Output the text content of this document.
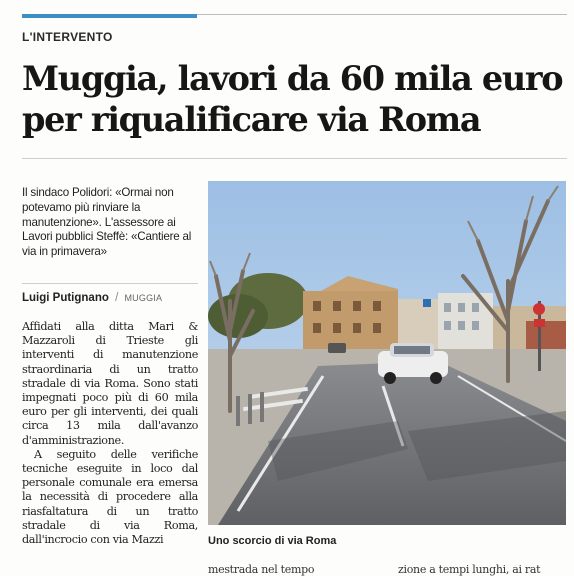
L'INTERVENTO
Muggia, lavori da 60 mila euro
per riqualificare via Roma
Il sindaco Polidori: «Ormai non potevamo più rinviare la manutenzione». L'assessore ai Lavori pubblici Steffè: «Cantiere al via in primavera»
Luigi Putignano / MUGGIA

Affidati alla ditta Mari & Mazzaroli di Trieste gli interventi di manutenzione straordinaria di un tratto stradale di via Roma. Sono stati impegnati poco più di 60 mila euro per gli interventi, dei quali circa 13 mila dall'avanzo d'amministrazione.

A seguito delle verifiche tecniche eseguite in loco dal personale comunale era emersa la necessità di procedere alla riasfaltatura di un tratto stradale di via Roma, dall'incrocio con via Mazzi	Uno scorcio di via Roma
mestrada nel tempo	zione a tempi lunghi, ai rat
